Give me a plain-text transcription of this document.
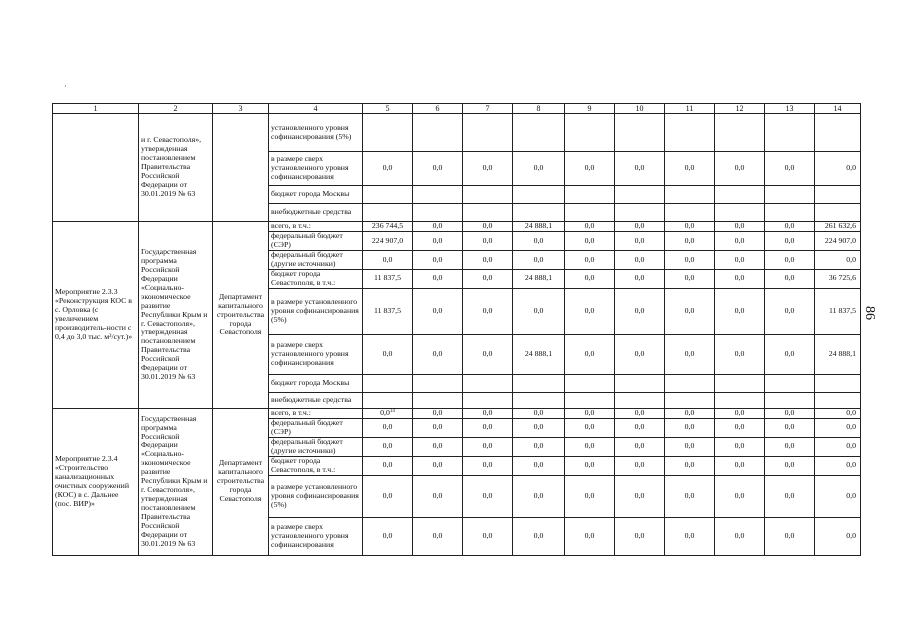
·
86
1	2	3	4	5	6	7	8	9	10	11	12	13	14
	и г. Севастополя», утвержденная постановлением Правительства Российской Федерации от 30.01.2019 № 63		установленного уровня софинансирования (5%)										
			в размере сверх установленного уровня софинансирования	0,0	0,0	0,0	0,0	0,0	0,0	0,0	0,0	0,0	0,0
			бюджет города Москвы										
			внебюджетные средства										
Мероприятие 2.3.3 «Реконструкция КОС в с. Орловка (с увеличением производитель-ности с 0,4 до 3,0 тыс. м³/сут.)»	Государственная программа Российской Федерации «Социально-экономическое развитие Республики Крым и г. Севастополя», утвержденная постановлением Правительства Российской Федерации от 30.01.2019 № 63	Департамент капитального строительства города Севастополя	всего, в т.ч.:	236 744,5	0,0	0,0	24 888,1	0,0	0,0	0,0	0,0	0,0	261 632,6
			федеральный бюджет (СЭР)	224 907,0	0,0	0,0	0,0	0,0	0,0	0,0	0,0	0,0	224 907,0
			федеральный бюджет (другие источники)	0,0	0,0	0,0	0,0	0,0	0,0	0,0	0,0	0,0	0,0
			бюджет города Севастополя, в т.ч.:	11 837,5	0,0	0,0	24 888,1	0,0	0,0	0,0	0,0	0,0	36 725,6
			в размере установленного уровня софинансирования (5%)	11 837,5	0,0	0,0	0,0	0,0	0,0	0,0	0,0	0,0	11 837,5
			в размере сверх установленного уровня софинансирования	0,0	0,0	0,0	24 888,1	0,0	0,0	0,0	0,0	0,0	24 888,1
			бюджет города Москвы										
			внебюджетные средства										
Мероприятие 2.3.4 «Строительство канализационных очистных сооружений (КОС) в с. Дальнее (пос. ВИР)»	Государственная программа Российской Федерации «Социально-экономическое развитие Республики Крым и г. Севастополя», утвержденная постановлением Правительства Российской Федерации от 30.01.2019 № 63	Департамент капитального строительства города Севастополя	всего, в т.ч.:	$0,0^{14}$	0,0	0,0	0,0	0,0	0,0	0,0	0,0	0,0	0,0
			федеральный бюджет (СЭР)	0,0	0,0	0,0	0,0	0,0	0,0	0,0	0,0	0,0	0,0
			федеральный бюджет (другие источники)	0,0	0,0	0,0	0,0	0,0	0,0	0,0	0,0	0,0	0,0
			бюджет города Севастополя, в т.ч.:	0,0	0,0	0,0	0,0	0,0	0,0	0,0	0,0	0,0	0,0
			в размере установленного уровня софинансирования (5%)	0,0	0,0	0,0	0,0	0,0	0,0	0,0	0,0	0,0	0,0
			в размере сверх установленного уровня софинансирования	0,0	0,0	0,0	0,0	0,0	0,0	0,0	0,0	0,0	0,0
